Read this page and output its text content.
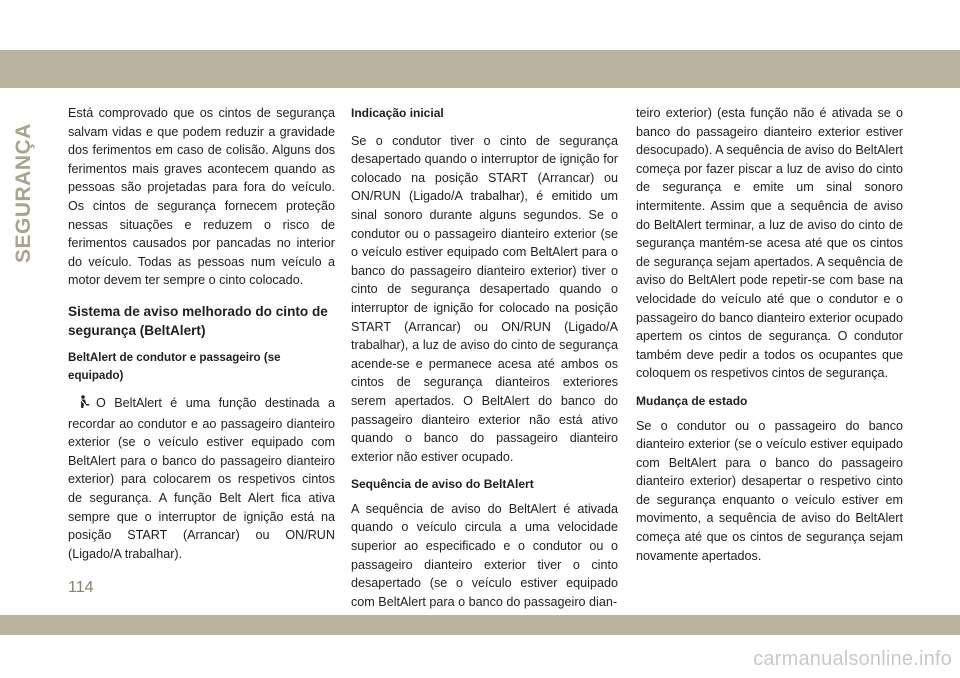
SEGURANÇA

Está comprovado que os cintos de segurança salvam vidas e que podem reduzir a gravidade dos ferimentos em caso de colisão. Alguns dos ferimentos mais graves acontecem quando as pessoas são projetadas para fora do veículo. Os cintos de segurança fornecem proteção nessas situações e reduzem o risco de ferimentos causados por pancadas no interior do veículo. Todas as pessoas num veículo a motor devem ter sempre o cinto colocado.

Sistema de aviso melhorado do cinto de segurança (BeltAlert)
BeltAlert de condutor e passageiro (se equipado)

O BeltAlert é uma função destinada a recordar ao condutor e ao passageiro dianteiro exterior (se o veículo estiver equipado com BeltAlert para o banco do passageiro dianteiro exterior) para colocarem os respetivos cintos de segurança. A função Belt Alert fica ativa sempre que o interruptor de ignição está na posição START (Arrancar) ou ON/RUN (Ligado/A trabalhar).

Indicação inicial

Se o condutor tiver o cinto de segurança desapertado quando o interruptor de ignição for colocado na posição START (Arrancar) ou ON/RUN (Ligado/A trabalhar), é emitido um sinal sonoro durante alguns segundos. Se o condutor ou o passageiro dianteiro exterior (se o veículo estiver equipado com BeltAlert para o banco do passageiro dianteiro exterior) tiver o cinto de segurança desapertado quando o interruptor de ignição for colocado na posição START (Arrancar) ou ON/RUN (Ligado/A trabalhar), a luz de aviso do cinto de segurança acende-se e permanece acesa até ambos os cintos de segurança dianteiros exteriores serem apertados. O BeltAlert do banco do passageiro dianteiro exterior não está ativo quando o banco do passageiro dianteiro exterior não estiver ocupado.

Sequência de aviso do BeltAlert

A sequência de aviso do BeltAlert é ativada quando o veículo circula a uma velocidade superior ao especificado e o condutor ou o passageiro dianteiro exterior tiver o cinto desapertado (se o veículo estiver equipado com BeltAlert para o banco do passageiro dian-

teiro exterior) (esta função não é ativada se o banco do passageiro dianteiro exterior estiver desocupado). A sequência de aviso do BeltAlert começa por fazer piscar a luz de aviso do cinto de segurança e emite um sinal sonoro intermitente. Assim que a sequência de aviso do BeltAlert terminar, a luz de aviso do cinto de segurança mantém-se acesa até que os cintos de segurança sejam apertados. A sequência de aviso do BeltAlert pode repetir-se com base na velocidade do veículo até que o condutor e o passageiro do banco dianteiro exterior ocupado apertem os cintos de segurança. O condutor também deve pedir a todos os ocupantes que coloquem os respetivos cintos de segurança.

Mudança de estado

Se o condutor ou o passageiro do banco dianteiro exterior (se o veículo estiver equipado com BeltAlert para o banco do passageiro dianteiro exterior) desapertar o respetivo cinto de segurança enquanto o veículo estiver em movimento, a sequência de aviso do BeltAlert começa até que os cintos de segurança sejam novamente apertados.

114
carmanualsonline.info
